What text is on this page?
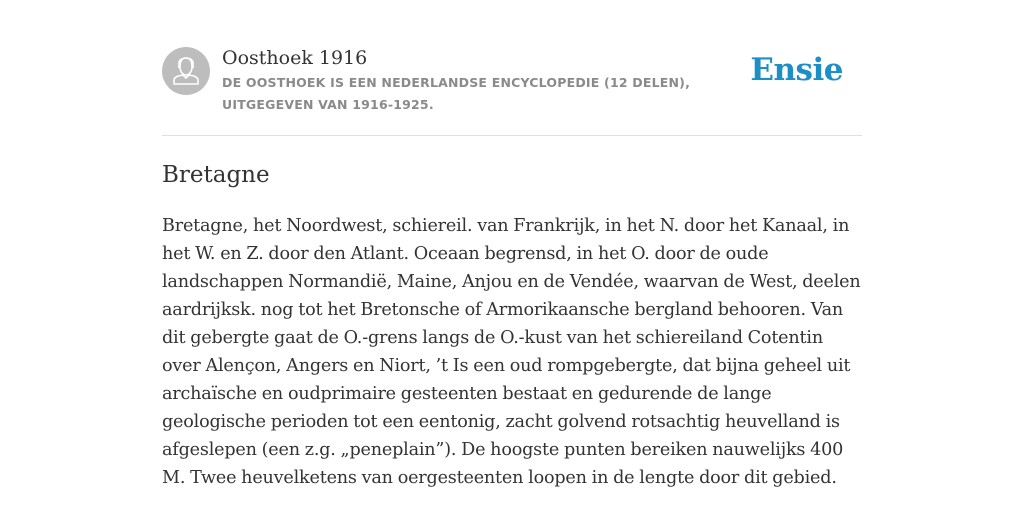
Oosthoek 1916
DE OOSTHOEK IS EEN NEDERLANDSE ENCYCLOPEDIE (12 DELEN), UITGEGEVEN VAN 1916-1925.
Ensie
Bretagne

Bretagne, het Noordwest, schiereil. van Frankrijk, in het N. door het Kanaal, in het W. en Z. door den Atlant. Oceaan begrensd, in het O. door de oude landschappen Normandië, Maine, Anjou en de Vendée, waarvan de West, deelen aardrijksk. nog tot het Bretonsche of Armorikaansche bergland behooren. Van dit gebergte gaat de O.-grens langs de O.-kust van het schiereiland Cotentin over Alençon, Angers en Niort, ’t Is een oud rompgebergte, dat bijna geheel uit archaïsche en oudprimaire gesteenten bestaat en gedurende de lange geologische perioden tot een eentonig, zacht golvend rotsachtig heuvelland is afgeslepen (een z.g. „peneplain”). De hoogste punten bereiken nauwelijks 400 M. Twee heuvelketens van oergesteenten loopen in de lengte door dit gebied.
